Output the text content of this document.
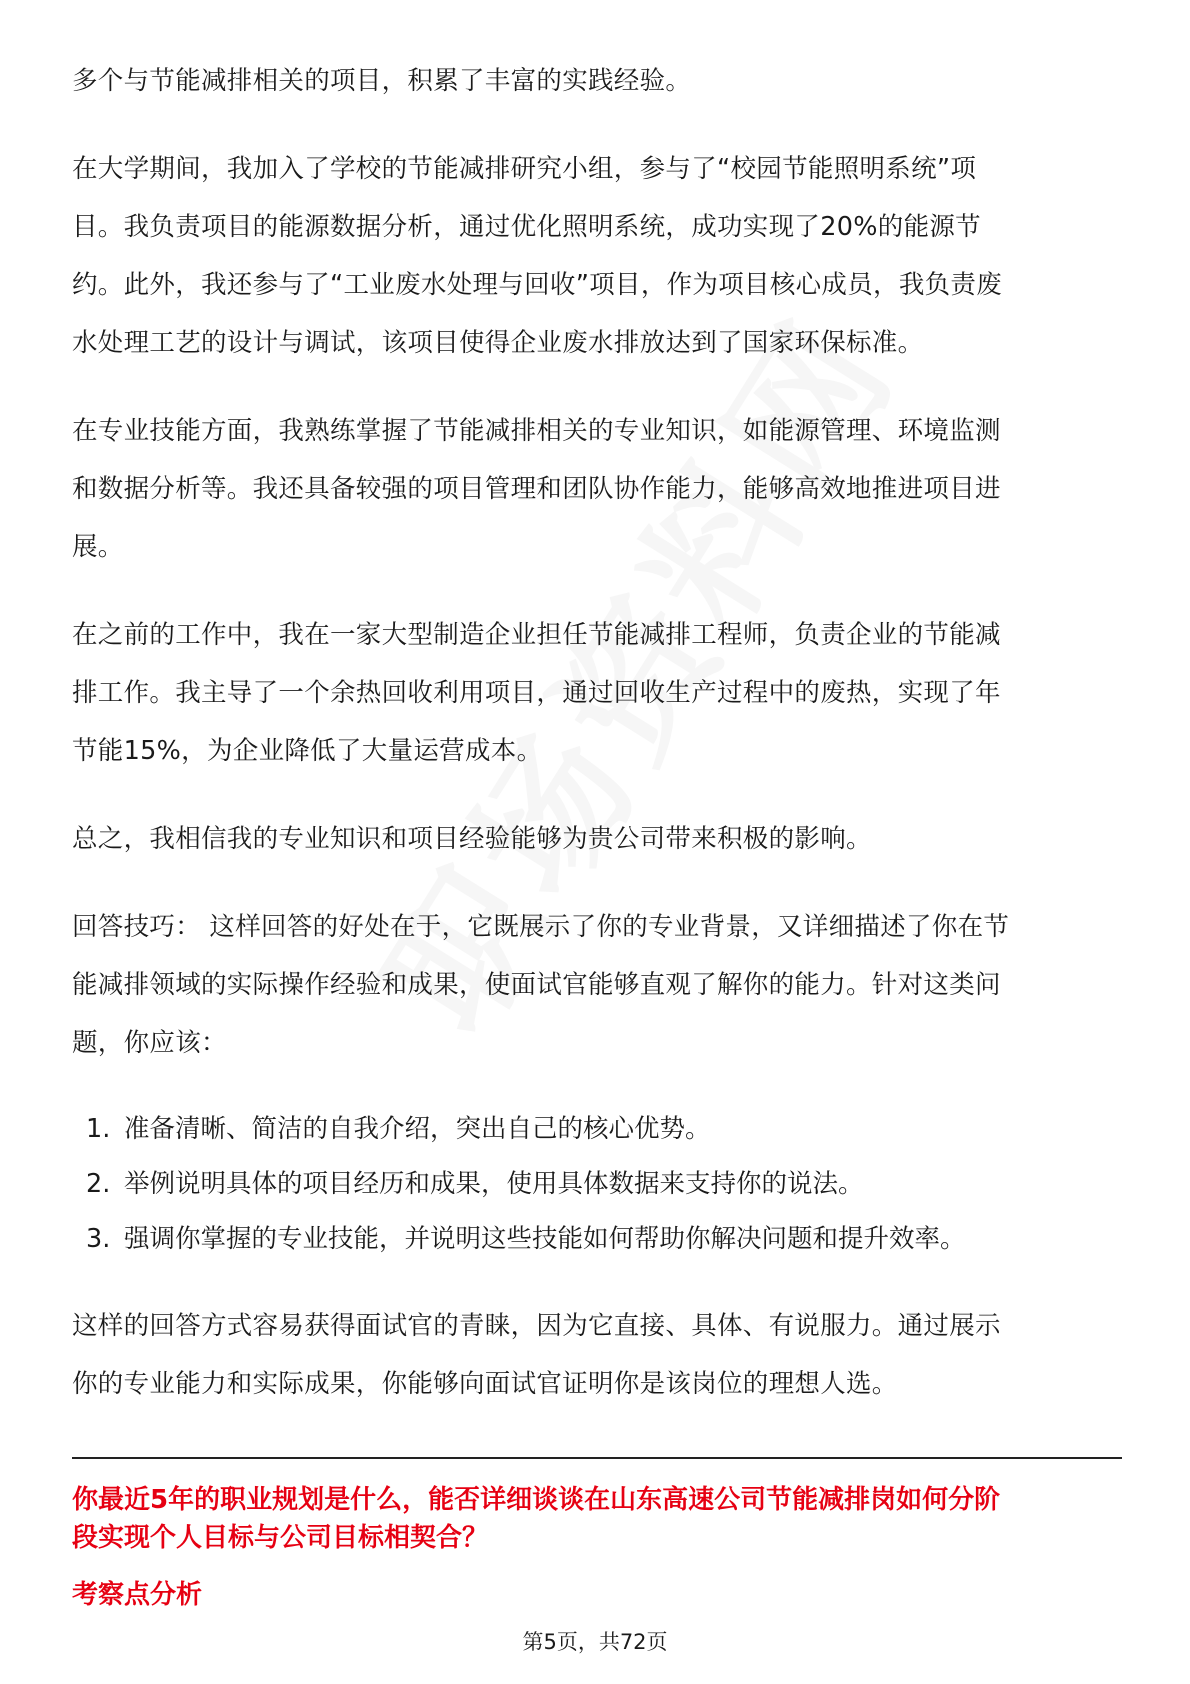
多个与节能减排相关的项目，积累了丰富的实践经验。

在大学期间，我加入了学校的节能减排研究小组，参与了“校园节能照明系统”项

目。我负责项目的能源数据分析，通过优化照明系统，成功实现了20%的能源节

约。此外，我还参与了“工业废水处理与回收”项目，作为项目核心成员，我负责废

水处理工艺的设计与调试，该项目使得企业废水排放达到了国家环保标准。

在专业技能方面，我熟练掌握了节能减排相关的专业知识，如能源管理、环境监测

和数据分析等。我还具备较强的项目管理和团队协作能力，能够高效地推进项目进

展。

在之前的工作中，我在一家大型制造企业担任节能减排工程师，负责企业的节能减

排工作。我主导了一个余热回收利用项目，通过回收生产过程中的废热，实现了年

节能15%，为企业降低了大量运营成本。

总之，我相信我的专业知识和项目经验能够为贵公司带来积极的影响。

回答技巧： 这样回答的好处在于，它既展示了你的专业背景，又详细描述了你在节

能减排领域的实际操作经验和成果，使面试官能够直观了解你的能力。针对这类问

题，你应该：

1. 准备清晰、简洁的自我介绍，突出自己的核心优势。
2. 举例说明具体的项目经历和成果，使用具体数据来支持你的说法。
3. 强调你掌握的专业技能，并说明这些技能如何帮助你解决问题和提升效率。

这样的回答方式容易获得面试官的青睐，因为它直接、具体、有说服力。通过展示

你的专业能力和实际成果，你能够向面试官证明你是该岗位的理想人选。

你最近5年的职业规划是什么，能否详细谈谈在山东高速公司节能减排岗如何分阶

段实现个人目标与公司目标相契合？

考察点分析

第5页，共72页
